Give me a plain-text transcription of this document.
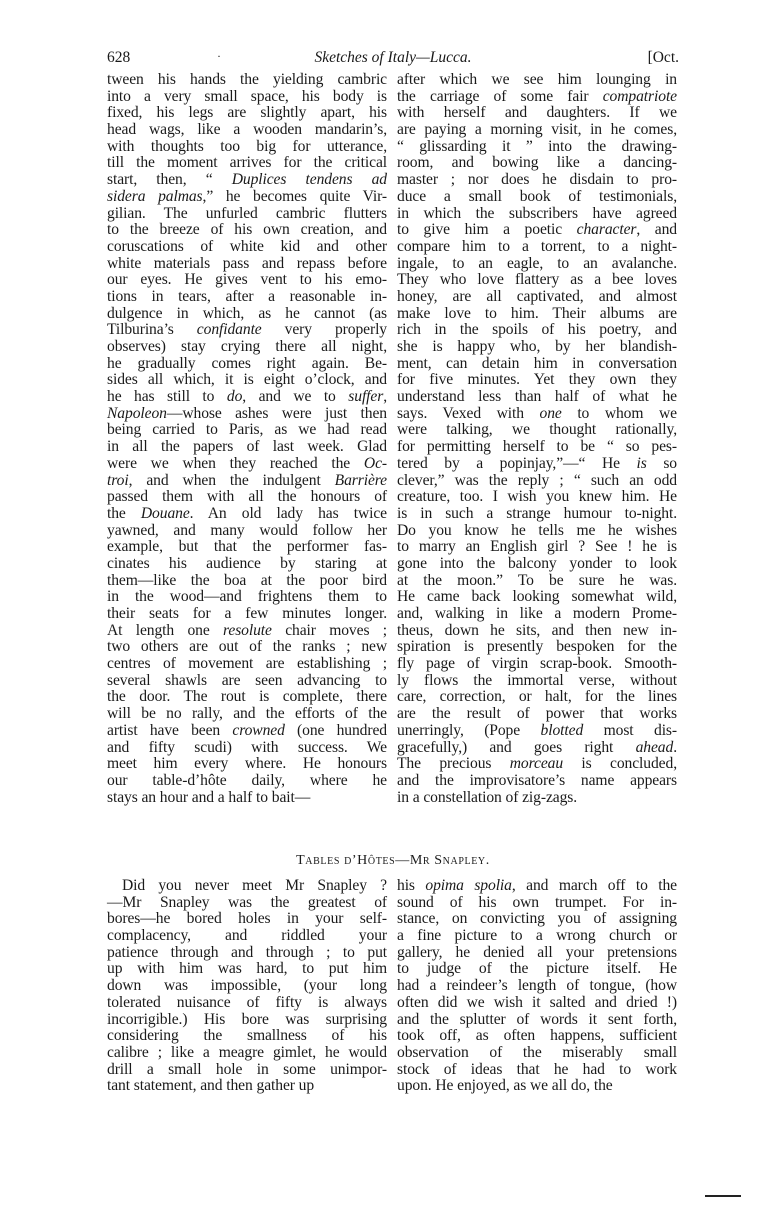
628	·	Sketches of Italy—Lucca.	[Oct.
tween his hands the yielding cambric
into a very small space, his body is
fixed, his legs are slightly apart, his
head wags, like a wooden mandarin’s,
with thoughts too big for utterance,
till the moment arrives for the critical
start, then, “ Duplices tendens ad
sidera palmas,” he becomes quite Vir-
gilian. The unfurled cambric flutters
to the breeze of his own creation, and
coruscations of white kid and other
white materials pass and repass before
our eyes. He gives vent to his emo-
tions in tears, after a reasonable in-
dulgence in which, as he cannot (as
Tilburina’s confidante very properly
observes) stay crying there all night,
he gradually comes right again. Be-
sides all which, it is eight o’clock, and
he has still to do, and we to suffer,
Napoleon—whose ashes were just then
being carried to Paris, as we had read
in all the papers of last week. Glad
were we when they reached the Oc-
troi, and when the indulgent Barrière
passed them with all the honours of
the Douane. An old lady has twice
yawned, and many would follow her
example, but that the performer fas-
cinates his audience by staring at
them—like the boa at the poor bird
in the wood—and frightens them to
their seats for a few minutes longer.
At length one resolute chair moves ;
two others are out of the ranks ; new
centres of movement are establishing ;
several shawls are seen advancing to
the door. The rout is complete, there
will be no rally, and the efforts of the
artist have been crowned (one hundred
and fifty scudi) with success. We
meet him every where. He honours
our table-d’hôte daily, where he
stays an hour and a half to bait—
after which we see him lounging in
the carriage of some fair compatriote
with herself and daughters. If we
are paying a morning visit, in he comes,
“ glissarding it ” into the drawing-
room, and bowing like a dancing-
master ; nor does he disdain to pro-
duce a small book of testimonials,
in which the subscribers have agreed
to give him a poetic character, and
compare him to a torrent, to a night-
ingale, to an eagle, to an avalanche.
They who love flattery as a bee loves
honey, are all captivated, and almost
make love to him. Their albums are
rich in the spoils of his poetry, and
she is happy who, by her blandish-
ment, can detain him in conversation
for five minutes. Yet they own they
understand less than half of what he
says. Vexed with one to whom we
were talking, we thought rationally,
for permitting herself to be “ so pes-
tered by a popinjay,”—“ He is so
clever,” was the reply ; “ such an odd
creature, too. I wish you knew him. He
is in such a strange humour to-night.
Do you know he tells me he wishes
to marry an English girl ? See ! he is
gone into the balcony yonder to look
at the moon.” To be sure he was.
He came back looking somewhat wild,
and, walking in like a modern Prome-
theus, down he sits, and then new in-
spiration is presently bespoken for the
fly page of virgin scrap-book. Smooth-
ly flows the immortal verse, without
care, correction, or halt, for the lines
are the result of power that works
unerringly, (Pope blotted most dis-
gracefully,) and goes right ahead.
The precious morceau is concluded,
and the improvisatore’s name appears
in a constellation of zig-zags.
Tables d’Hôtes—Mr Snapley.
Did you never meet Mr Snapley ?
—Mr Snapley was the greatest of
bores—he bored holes in your self-
complacency, and riddled your
patience through and through ; to put
up with him was hard, to put him
down was impossible, (your long
tolerated nuisance of fifty is always
incorrigible.) His bore was surprising
considering the smallness of his
calibre ; like a meagre gimlet, he would
drill a small hole in some unimpor-
tant statement, and then gather up
his opima spolia, and march off to the
sound of his own trumpet. For in-
stance, on convicting you of assigning
a fine picture to a wrong church or
gallery, he denied all your pretensions
to judge of the picture itself. He
had a reindeer’s length of tongue, (how
often did we wish it salted and dried !)
and the splutter of words it sent forth,
took off, as often happens, sufficient
observation of the miserably small
stock of ideas that he had to work
upon. He enjoyed, as we all do, the
